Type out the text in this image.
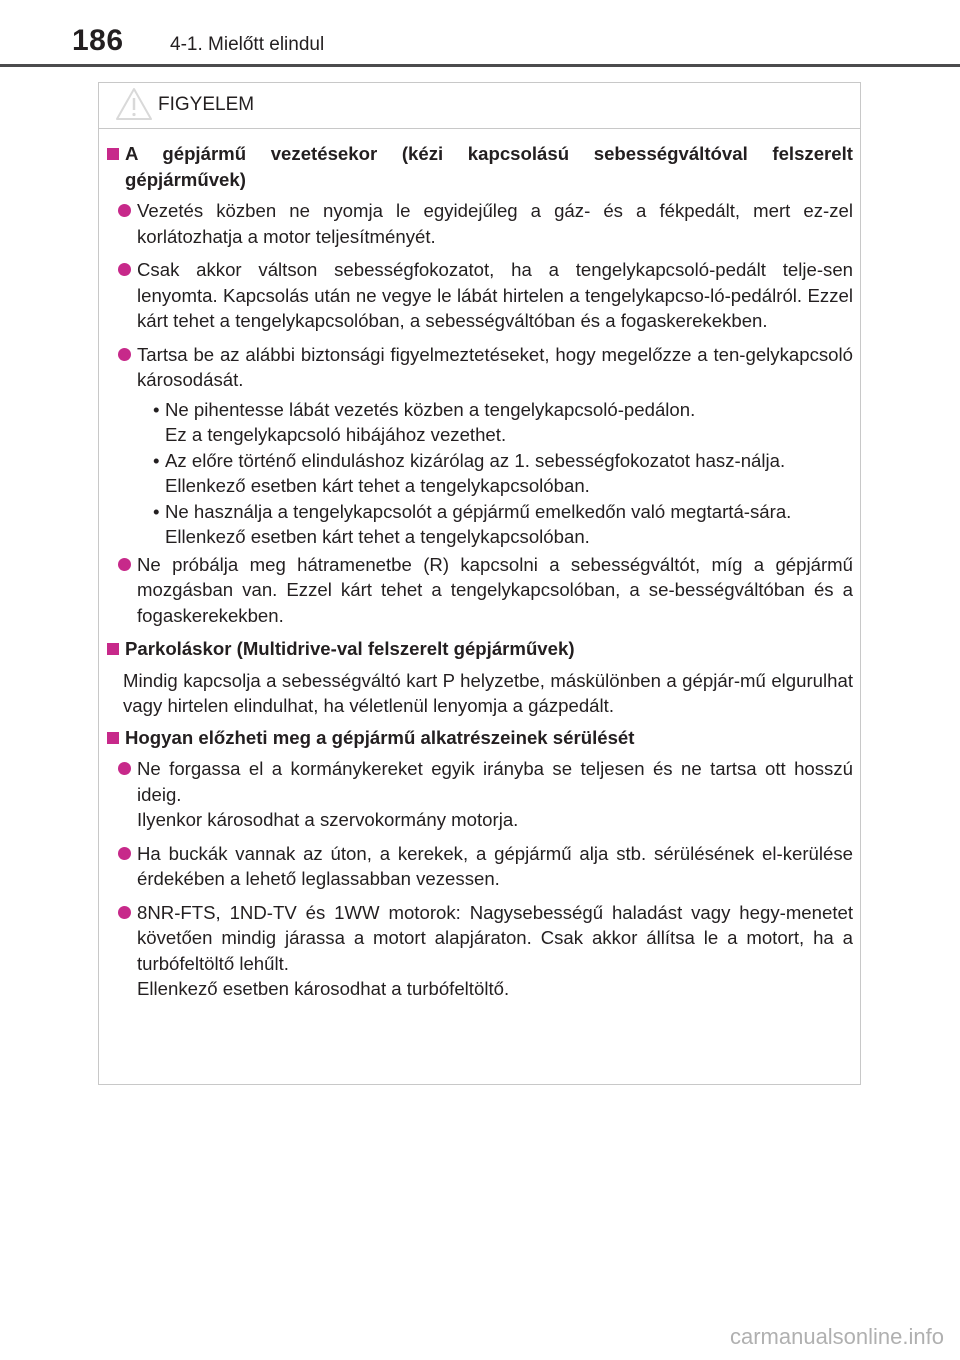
186 4-1. Mielőtt elindul
FIGYELEM
A gépjármű vezetésekor (kézi kapcsolású sebességváltóval felszerelt gépjárművek)
Vezetés közben ne nyomja le egyidejűleg a gáz- és a fékpedált, mert ez-zel korlátozhatja a motor teljesítményét.
Csak akkor váltson sebességfokozatot, ha a tengelykapcsoló-pedált telje-sen lenyomta. Kapcsolás után ne vegye le lábát hirtelen a tengelykapcso-ló-pedálról. Ezzel kárt tehet a tengelykapcsolóban, a sebességváltóban és a fogaskerekekben.
Tartsa be az alábbi biztonsági figyelmeztetéseket, hogy megelőzze a ten-gelykapcsoló károsodását.
• Ne pihentesse lábát vezetés közben a tengelykapcsoló-pedálon.
Ez a tengelykapcsoló hibájához vezethet.
• Az előre történő elinduláshoz kizárólag az 1. sebességfokozatot hasz-nálja.
Ellenkező esetben kárt tehet a tengelykapcsolóban.
• Ne használja a tengelykapcsolót a gépjármű emelkedőn való megtartá-sára.
Ellenkező esetben kárt tehet a tengelykapcsolóban.
Ne próbálja meg hátramenetbe (R) kapcsolni a sebességváltót, míg a gépjármű mozgásban van. Ezzel kárt tehet a tengelykapcsolóban, a se-bességváltóban és a fogaskerekekben.
Parkoláskor (Multidrive-val felszerelt gépjárművek)
Mindig kapcsolja a sebességváltó kart P helyzetbe, máskülönben a gépjár-mű elgurulhat vagy hirtelen elindulhat, ha véletlenül lenyomja a gázpedált.
Hogyan előzheti meg a gépjármű alkatrészeinek sérülését
Ne forgassa el a kormánykereket egyik irányba se teljesen és ne tartsa ott hosszú ideig.
Ilyenkor károsodhat a szervokormány motorja.
Ha buckák vannak az úton, a kerekek, a gépjármű alja stb. sérülésének el-kerülése érdekében a lehető leglassabban vezessen.
8NR-FTS, 1ND-TV és 1WW motorok: Nagysebességű haladást vagy hegy-menetet követően mindig járassa a motort alapjáraton. Csak akkor állítsa le a motort, ha a turbófeltöltő lehűlt.
Ellenkező esetben károsodhat a turbófeltöltő.
carmanualsonline.info
